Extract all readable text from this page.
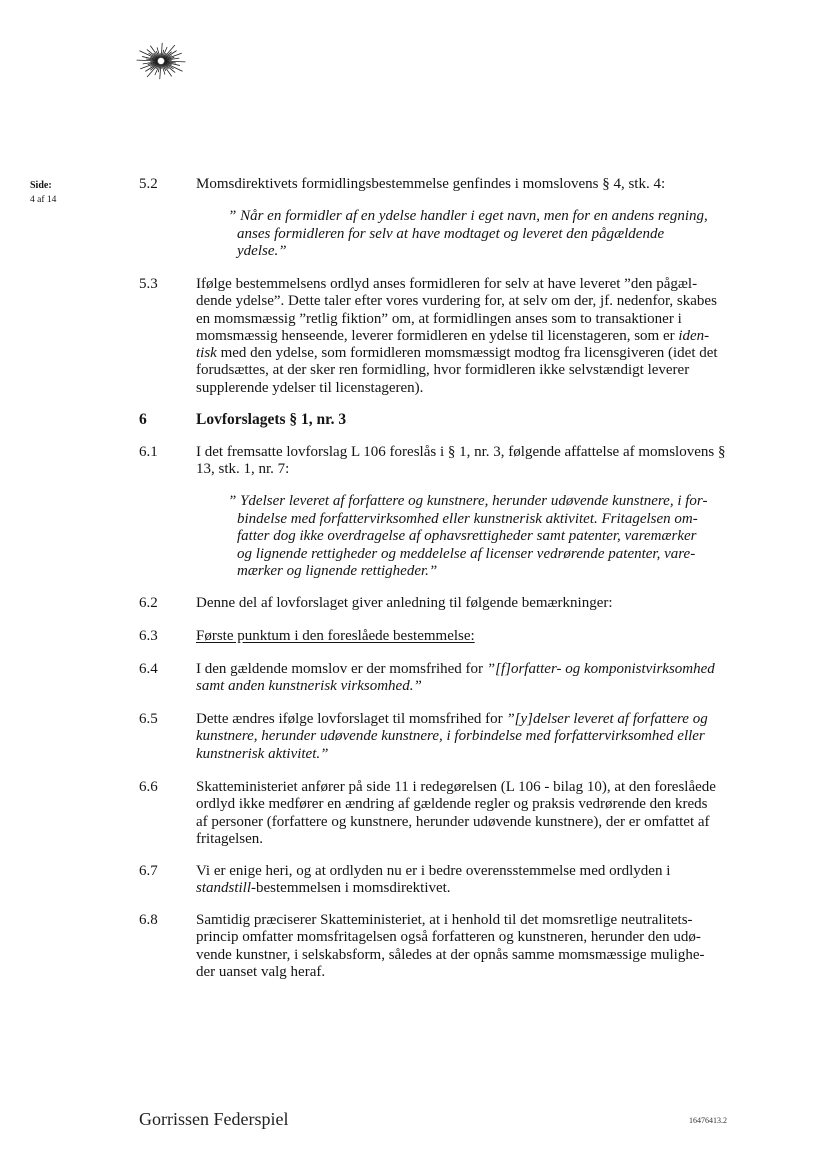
Side:
4 af 14
5.2	Momsdirektivets formidlingsbestemmelse genfindes i momslovens § 4, stk. 4:
” Når en formidler af en ydelse handler i eget navn, men for en andens regning,
anses formidleren for selv at have modtaget og leveret den pågældende
ydelse.”
5.3	Ifølge bestemmelsens ordlyd anses formidleren for selv at have leveret ”den pågæl-
dende ydelse”. Dette taler efter vores vurdering for, at selv om der, jf. nedenfor, skabes
en momsmæssig ”retlig fiktion” om, at formidlingen anses som to transaktioner i
momsmæssig henseende, leverer formidleren en ydelse til licenstageren, som er iden-
tisk med den ydelse, som formidleren momsmæssigt modtog fra licensgiveren (idet det
forudsættes, at der sker ren formidling, hvor formidleren ikke selvstændigt leverer
supplerende ydelser til licenstageren).
6	Lovforslagets § 1, nr. 3
6.1	I det fremsatte lovforslag L 106 foreslås i § 1, nr. 3, følgende affattelse af momslovens §
13, stk. 1, nr. 7:
” Ydelser leveret af forfattere og kunstnere, herunder udøvende kunstnere, i for-
bindelse med forfattervirksomhed eller kunstnerisk aktivitet. Fritagelsen om-
fatter dog ikke overdragelse af ophavsrettigheder samt patenter, varemærker
og lignende rettigheder og meddelelse af licenser vedrørende patenter, vare-
mærker og lignende rettigheder.”
6.2	Denne del af lovforslaget giver anledning til følgende bemærkninger:
6.3	Første punktum i den foreslåede bestemmelse:
6.4	I den gældende momslov er der momsfrihed for ”[f]orfatter- og komponistvirksomhed
samt anden kunstnerisk virksomhed.”
6.5	Dette ændres ifølge lovforslaget til momsfrihed for ”[y]delser leveret af forfattere og
kunstnere, herunder udøvende kunstnere, i forbindelse med forfattervirksomhed eller
kunstnerisk aktivitet.”
6.6	Skatteministeriet anfører på side 11 i redegørelsen (L 106 - bilag 10), at den foreslåede
ordlyd ikke medfører en ændring af gældende regler og praksis vedrørende den kreds
af personer (forfattere og kunstnere, herunder udøvende kunstnere), der er omfattet af
fritagelsen.
6.7	Vi er enige heri, og at ordlyden nu er i bedre overensstemmelse med ordlyden i
standstill-bestemmelsen i momsdirektivet.
6.8	Samtidig præciserer Skatteministeriet, at i henhold til det momsretlige neutralitets-
princip omfatter momsfritagelsen også forfatteren og kunstneren, herunder den udø-
vende kunstner, i selskabsform, således at der opnås samme momsmæssige mulighe-
der uanset valg heraf.
Gorrissen Federspiel	16476413.2
